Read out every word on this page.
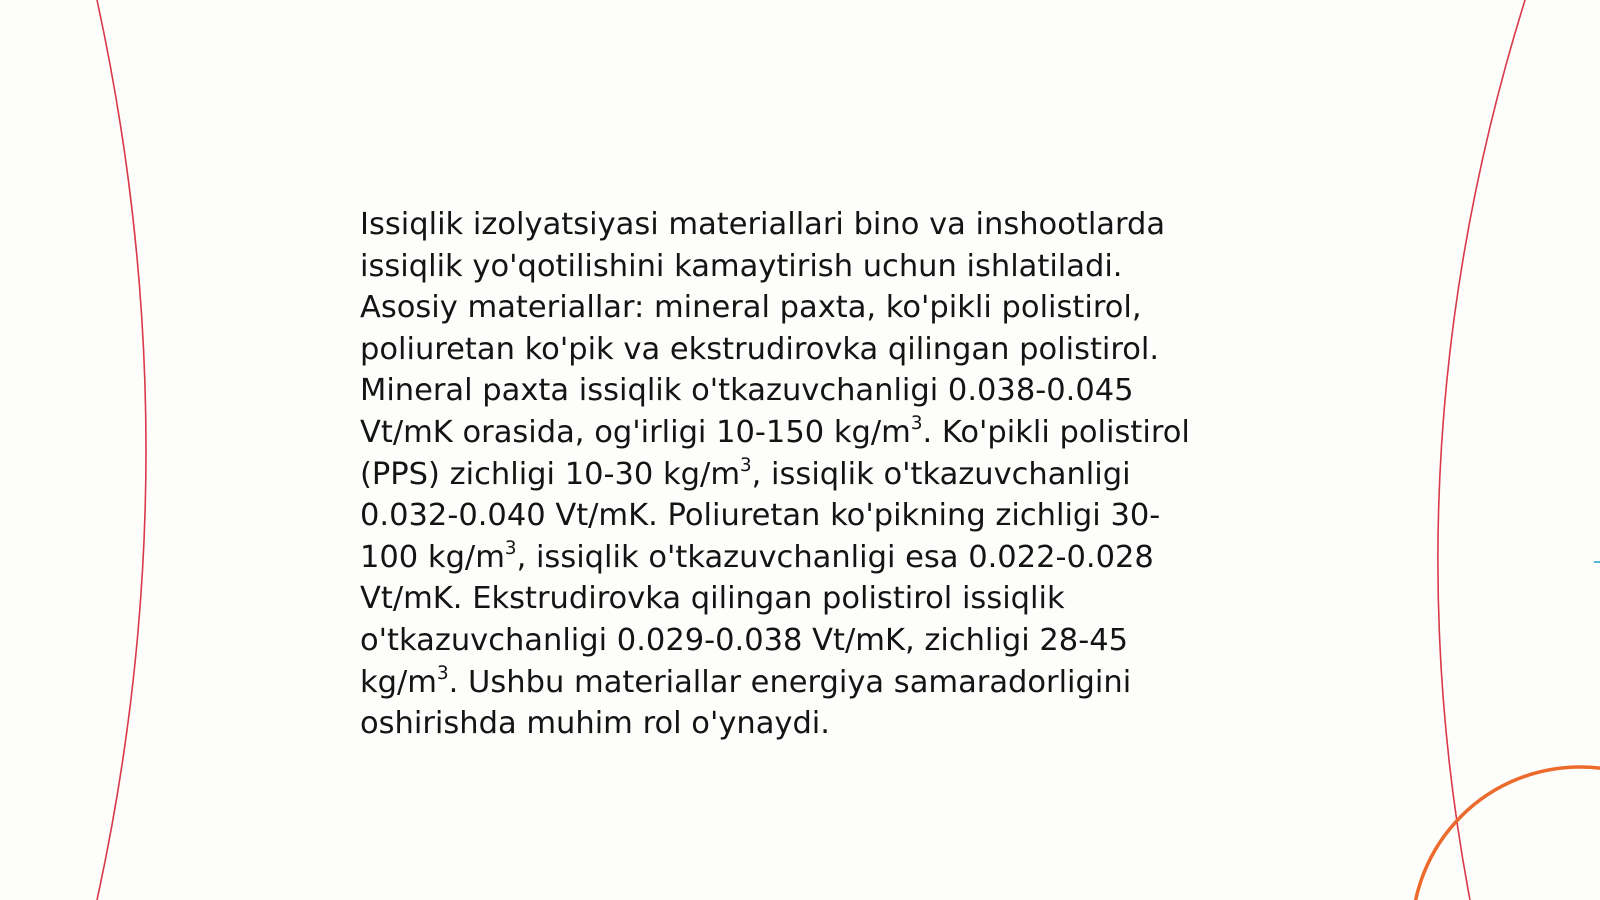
Issiqlik izolyatsiyasi materiallari bino va inshootlarda
issiqlik yo'qotilishini kamaytirish uchun ishlatiladi.
Asosiy materiallar: mineral paxta, ko'pikli polistirol,
poliuretan ko'pik va ekstrudirovka qilingan polistirol.
Mineral paxta issiqlik o'tkazuvchanligi 0.038-0.045
Vt/mK orasida, og'irligi 10-150 $kg/m^3$. Ko'pikli polistirol
(PPS) zichligi 10-30 $kg/m^3$, issiqlik o'tkazuvchanligi
0.032-0.040 Vt/mK. Poliuretan ko'pikning zichligi 30-
100 $kg/m^3$, issiqlik o'tkazuvchanligi esa 0.022-0.028
Vt/mK. Ekstrudirovka qilingan polistirol issiqlik
o'tkazuvchanligi 0.029-0.038 Vt/mK, zichligi 28-45
$kg/m^3$. Ushbu materiallar energiya samaradorligini
oshirishda muhim rol o'ynaydi.
